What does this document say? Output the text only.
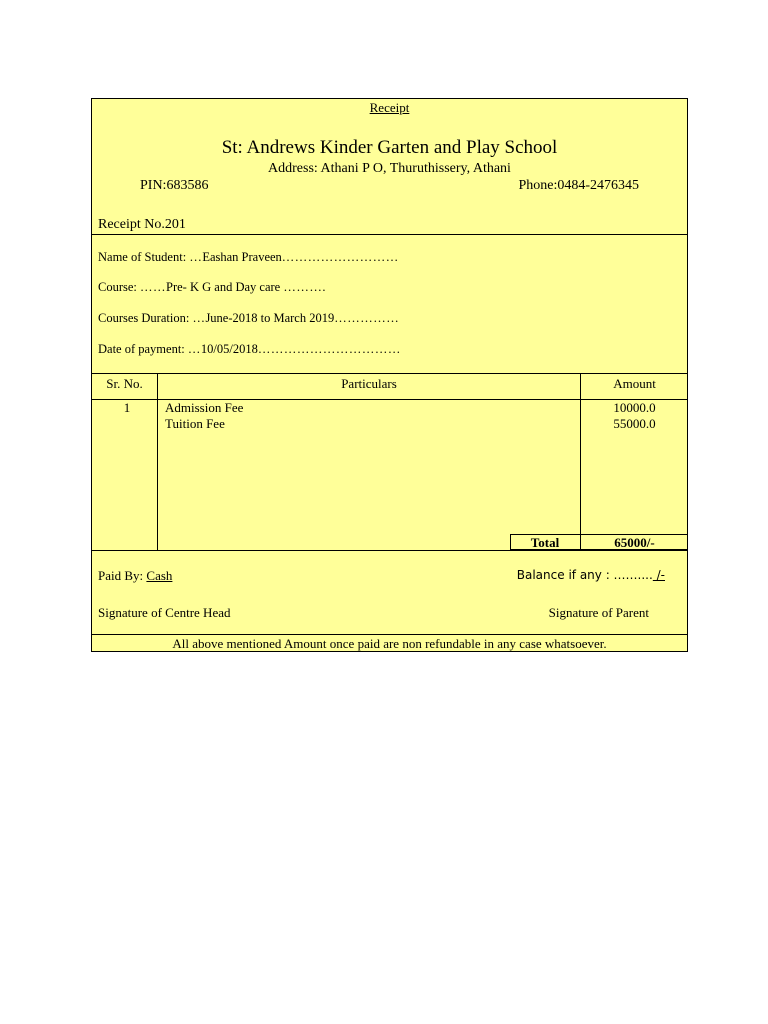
Receipt
St: Andrews Kinder Garten and Play School
Address: Athani P O, Thuruthissery, Athani
PIN:683586	Phone:0484-2476345
Receipt No.201
Name of Student: …Eashan Praveen………………………
Course: ……Pre- K G and Day care ……….
Courses Duration: …June-2018 to March 2019……………
Date of payment: …10/05/2018……………………………
Sr. No.	Particulars	Amount
1	Admission Fee	10000.0
Tuition Fee	55000.0
Total	65000/-
Paid By: Cash	Balance if any : …….... /-
Signature of Centre Head	Signature of Parent
All above mentioned Amount once paid are non refundable in any case whatsoever.
